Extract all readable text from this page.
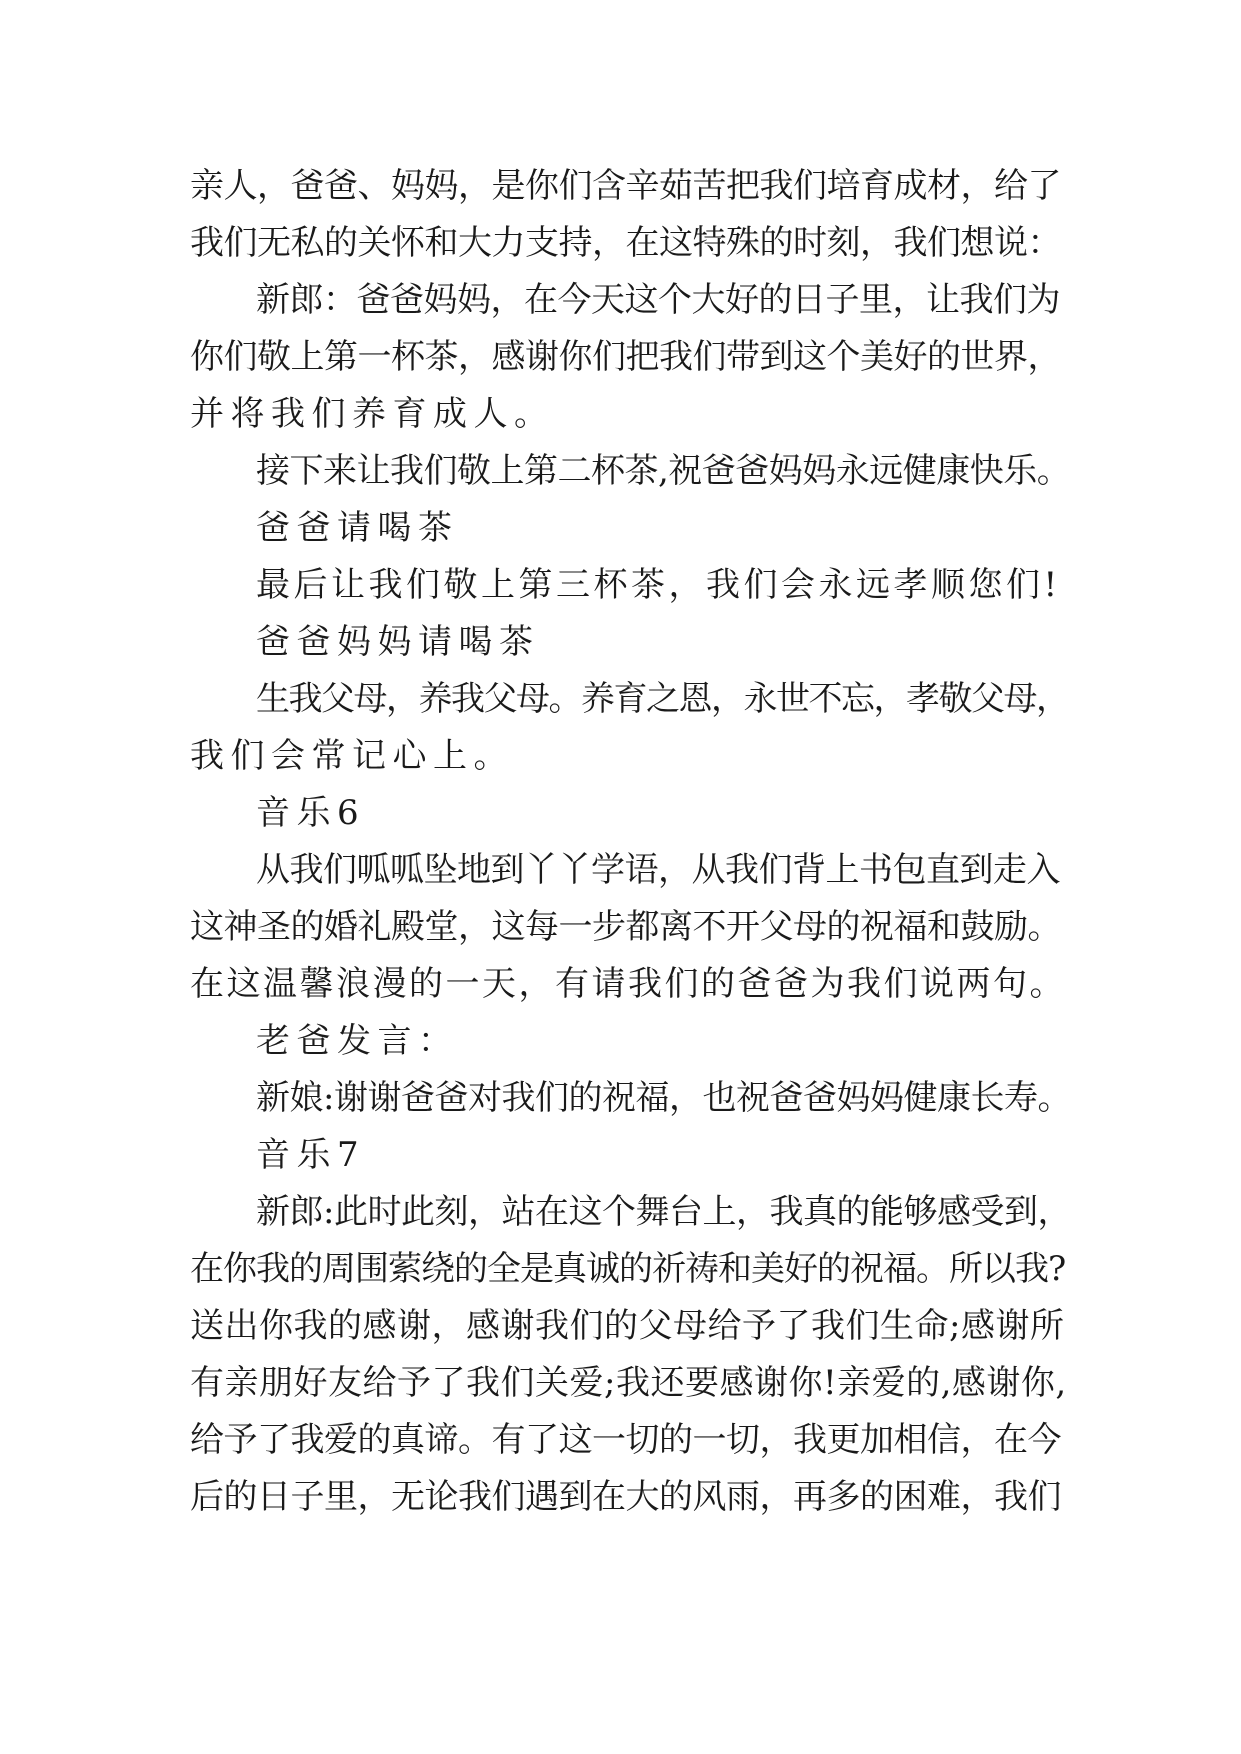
亲人，爸爸、妈妈，是你们含辛茹苦把我们培育成材，给了
我们无私的关怀和大力支持，在这特殊的时刻，我们想说：
新郎：爸爸妈妈，在今天这个大好的日子里，让我们为
你们敬上第一杯茶，感谢你们把我们带到这个美好的世界，
并将我们养育成人。
接下来让我们敬上第二杯茶,祝爸爸妈妈永远健康快乐。
爸爸请喝茶
最后让我们敬上第三杯茶，我们会永远孝顺您们!
爸爸妈妈请喝茶
生我父母，养我父母。养育之恩，永世不忘，孝敬父母，
我们会常记心上。
音乐6
从我们呱呱坠地到丫丫学语，从我们背上书包直到走入
这神圣的婚礼殿堂，这每一步都离不开父母的祝福和鼓励。
在这温馨浪漫的一天，有请我们的爸爸为我们说两句。
老爸发言：
新娘:谢谢爸爸对我们的祝福，也祝爸爸妈妈健康长寿。
音乐7
新郎:此时此刻，站在这个舞台上，我真的能够感受到，
在你我的周围萦绕的全是真诚的祈祷和美好的祝福。所以我?
送出你我的感谢，感谢我们的父母给予了我们生命;感谢所
有亲朋好友给予了我们关爱;我还要感谢你!亲爱的,感谢你,
给予了我爱的真谛。有了这一切的一切，我更加相信，在今
后的日子里，无论我们遇到在大的风雨，再多的困难，我们
